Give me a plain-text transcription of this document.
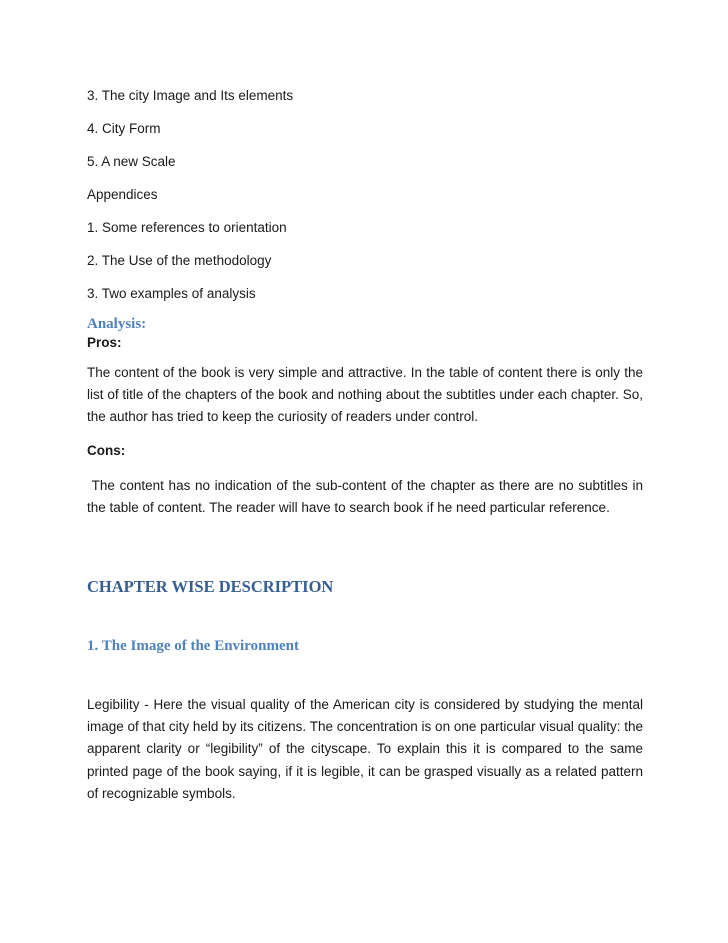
3. The city Image and Its elements

4. City Form

5. A new Scale

Appendices

1. Some references to orientation

2. The Use of the methodology

3. Two examples of analysis

Analysis:

Pros:

The content of the book is very simple and attractive. In the table of content there is only the list of title of the chapters of the book and nothing about the subtitles under each chapter. So, the author has tried to keep the curiosity of readers under control.

Cons:

The content has no indication of the sub-content of the chapter as there are no subtitles in the table of content. The reader will have to search book if he need particular reference.

CHAPTER WISE DESCRIPTION

1. The Image of the Environment

Legibility - Here the visual quality of the American city is considered by studying the mental image of that city held by its citizens. The concentration is on one particular visual quality: the apparent clarity or “legibility” of the cityscape. To explain this it is compared to the same printed page of the book saying, if it is legible, it can be grasped visually as a related pattern of recognizable symbols.
